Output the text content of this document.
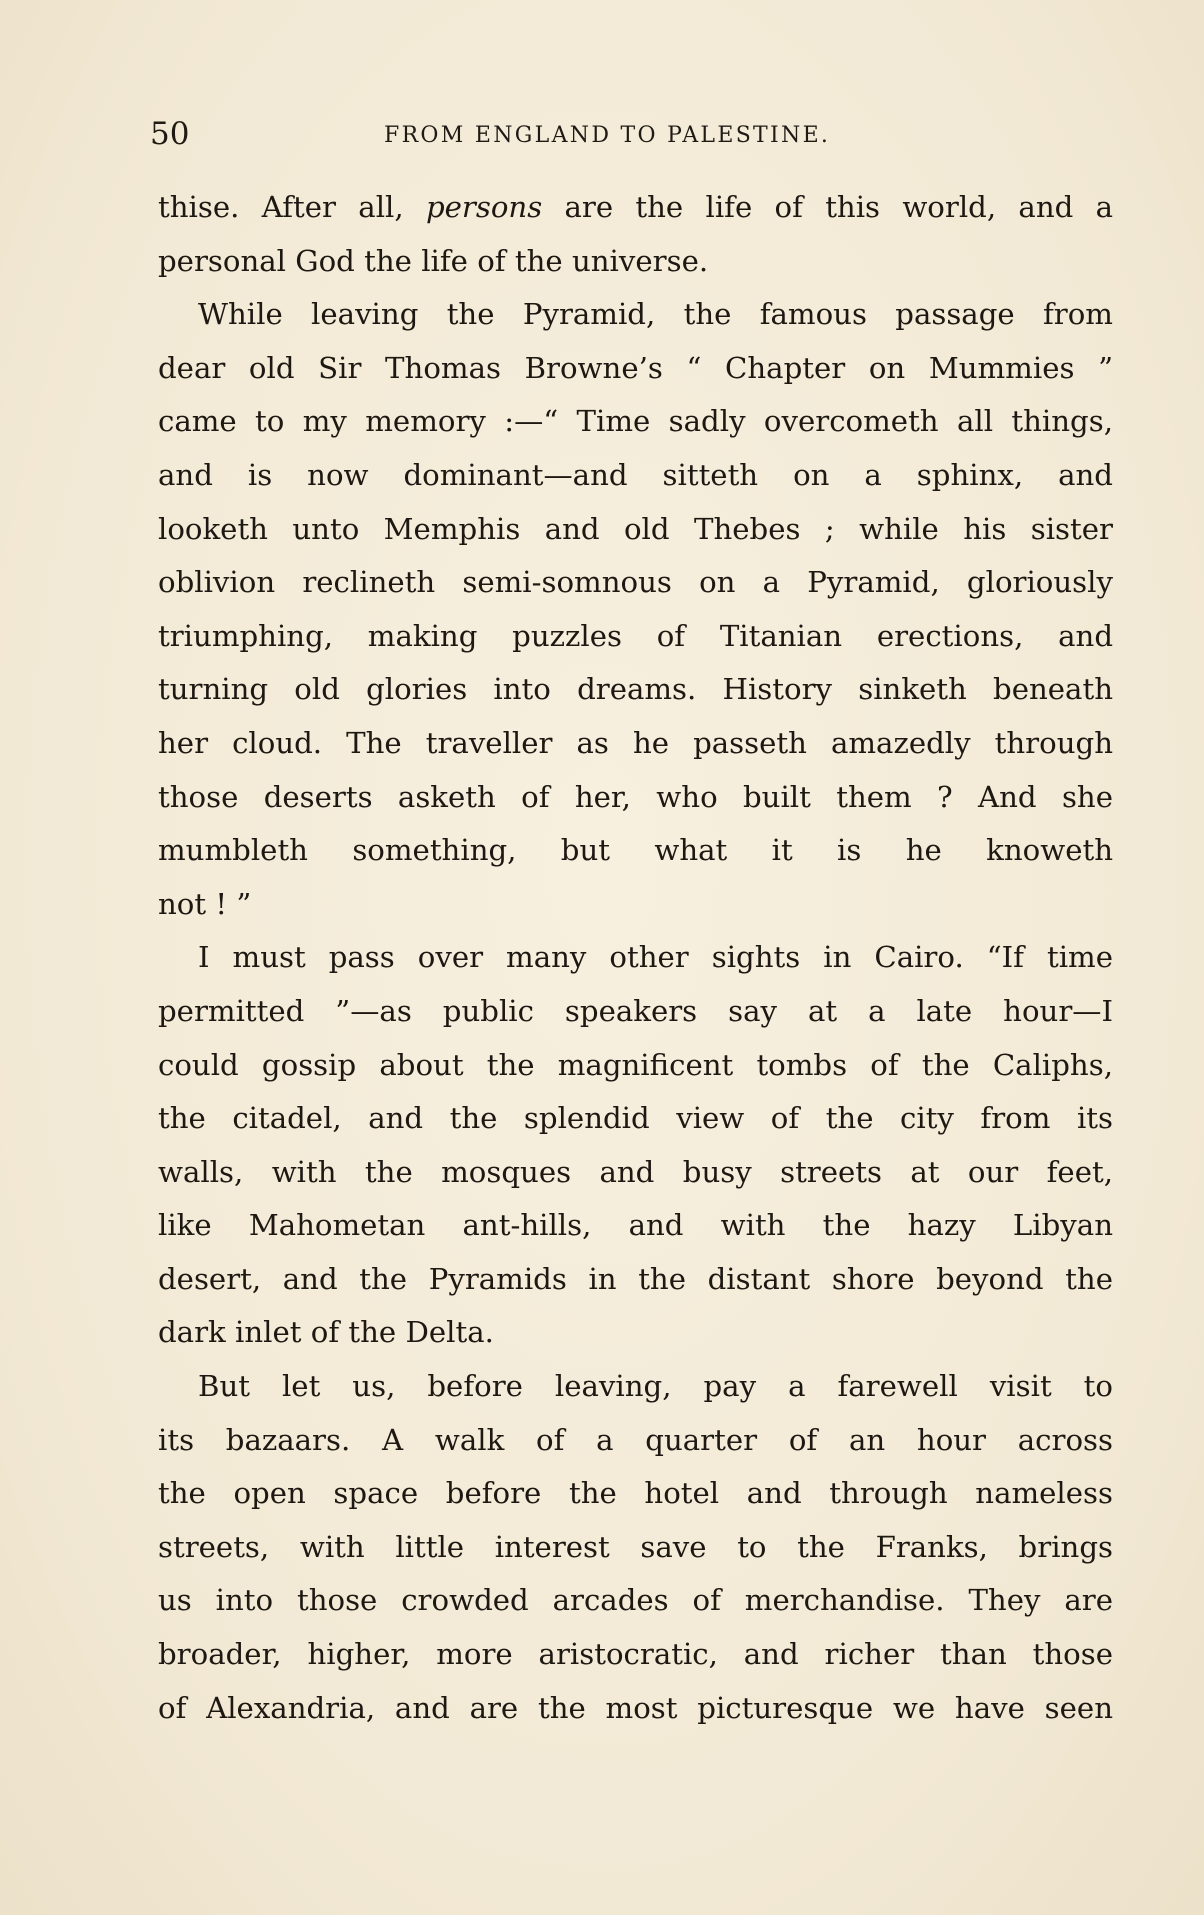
50	FROM ENGLAND TO PALESTINE.
thise. After all, persons are the life of this world, and a
personal God the life of the universe.
While leaving the Pyramid, the famous passage from
dear old Sir Thomas Browne’s “ Chapter on Mummies ”
came to my memory :—“ Time sadly overcometh all things,
and is now dominant—and sitteth on a sphinx, and
looketh unto Memphis and old Thebes ; while his sister
oblivion reclineth semi-somnous on a Pyramid, gloriously
triumphing, making puzzles of Titanian erections, and
turning old glories into dreams. History sinketh beneath
her cloud. The traveller as he passeth amazedly through
those deserts asketh of her, who built them ? And she
mumbleth something, but what it is he knoweth
not ! ”
I must pass over many other sights in Cairo. “If time
permitted ”—as public speakers say at a late hour—I
could gossip about the magnificent tombs of the Caliphs,
the citadel, and the splendid view of the city from its
walls, with the mosques and busy streets at our feet,
like Mahometan ant-hills, and with the hazy Libyan
desert, and the Pyramids in the distant shore beyond the
dark inlet of the Delta.
But let us, before leaving, pay a farewell visit to
its bazaars. A walk of a quarter of an hour across
the open space before the hotel and through nameless
streets, with little interest save to the Franks, brings
us into those crowded arcades of merchandise. They are
broader, higher, more aristocratic, and richer than those
of Alexandria, and are the most picturesque we have seen
